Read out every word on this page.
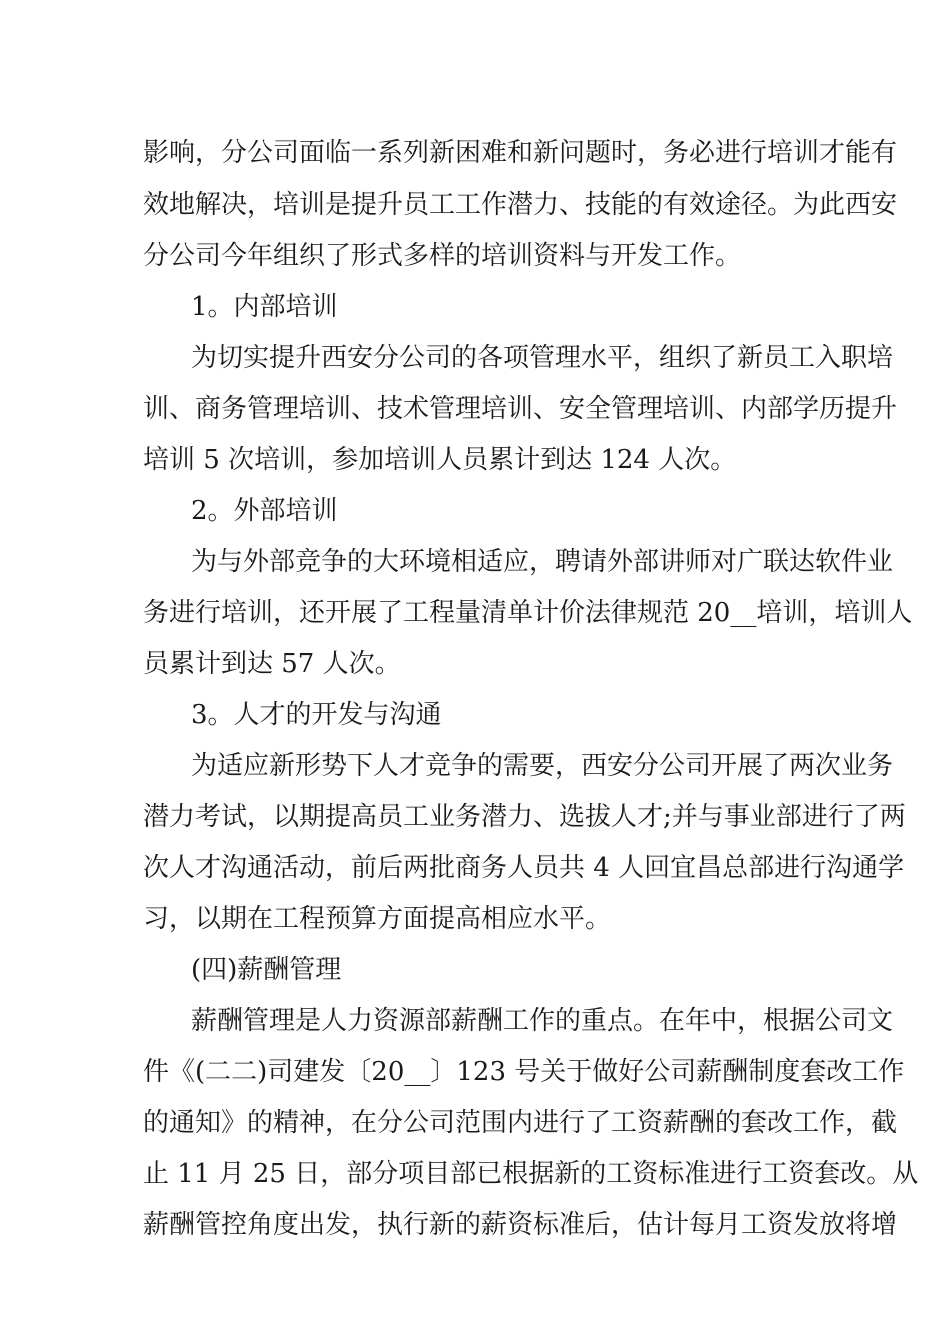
影响，分公司面临一系列新困难和新问题时，务必进行培训才能有
效地解决，培训是提升员工工作潜力、技能的有效途径。为此西安
分公司今年组织了形式多样的培训资料与开发工作。
1。内部培训
为切实提升西安分公司的各项管理水平，组织了新员工入职培
训、商务管理培训、技术管理培训、安全管理培训、内部学历提升
培训 5 次培训，参加培训人员累计到达 124 人次。
2。外部培训
为与外部竞争的大环境相适应，聘请外部讲师对广联达软件业
务进行培训，还开展了工程量清单计价法律规范 20__培训，培训人
员累计到达 57 人次。
3。人才的开发与沟通
为适应新形势下人才竞争的需要，西安分公司开展了两次业务
潜力考试，以期提高员工业务潜力、选拔人才;并与事业部进行了两
次人才沟通活动，前后两批商务人员共 4 人回宜昌总部进行沟通学
习，以期在工程预算方面提高相应水平。
(四)薪酬管理
薪酬管理是人力资源部薪酬工作的重点。在年中，根据公司文
件《(二二)司建发〔20__〕123 号关于做好公司薪酬制度套改工作
的通知》的精神，在分公司范围内进行了工资薪酬的套改工作，截
止 11 月 25 日，部分项目部已根据新的工资标准进行工资套改。从
薪酬管控角度出发，执行新的薪资标准后，估计每月工资发放将增
